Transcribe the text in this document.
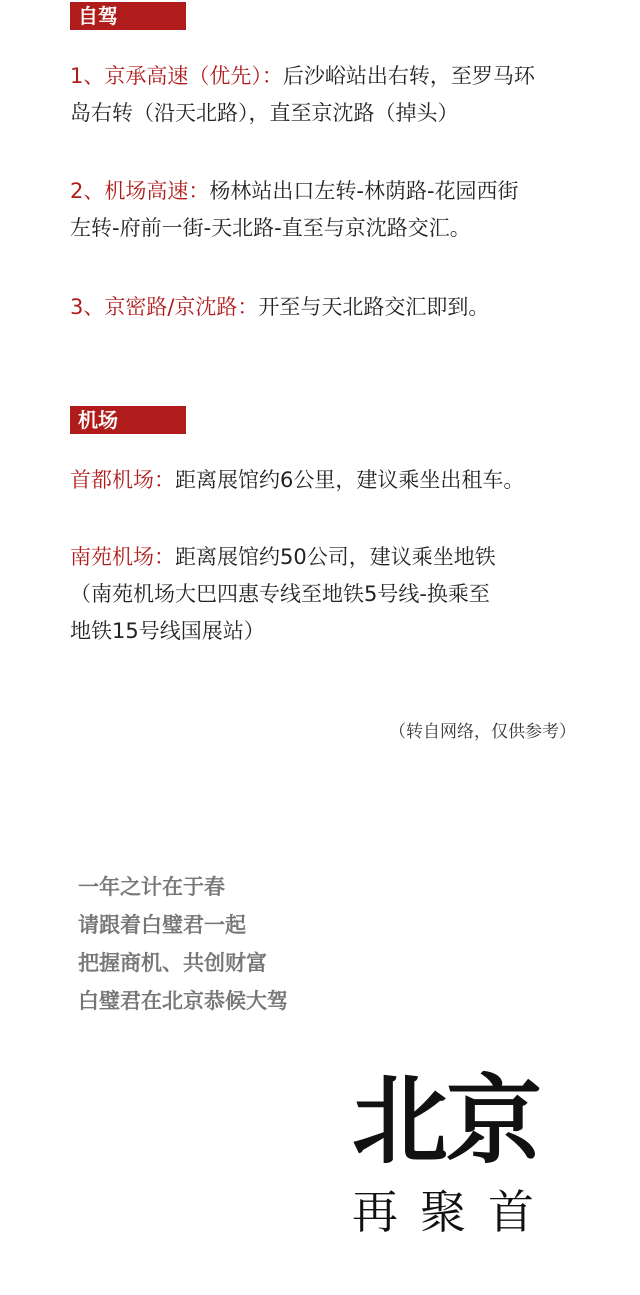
自驾
1、京承高速（优先）：后沙峪站出右转，至罗马环
岛右转（沿天北路），直至京沈路（掉头）
2、机场高速：杨林站出口左转-林荫路-花园西街
左转-府前一街-天北路-直至与京沈路交汇。
3、京密路/京沈路：开至与天北路交汇即到。
机场
首都机场：距离展馆约6公里，建议乘坐出租车。
南苑机场：距离展馆约50公司，建议乘坐地铁
（南苑机场大巴四惠专线至地铁5号线-换乘至
地铁15号线国展站）
（转自网络，仅供参考）
一年之计在于春
请跟着白璧君一起
把握商机、共创财富
白璧君在北京恭候大驾
北京
再聚首
